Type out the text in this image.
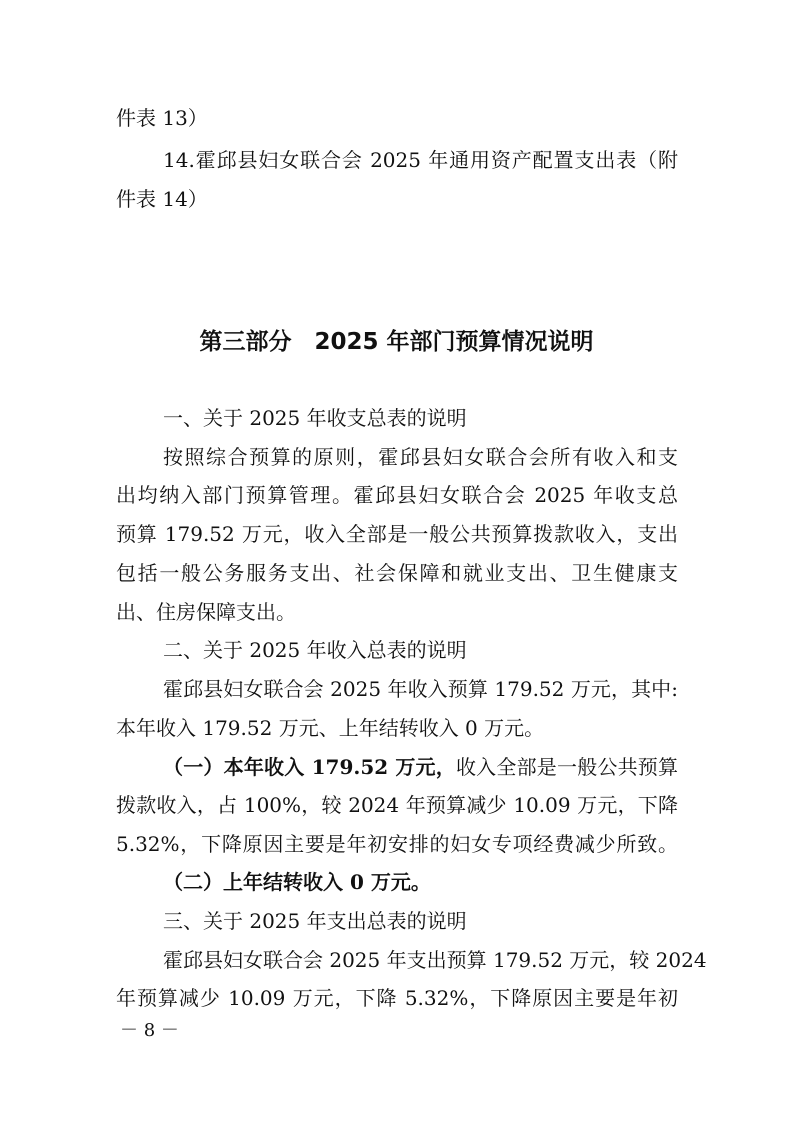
件表 13）

14.霍邱县妇女联合会 2025 年通用资产配置支出表（附

件表 14）

第三部分　2025 年部门预算情况说明

一、关于 2025 年收支总表的说明

按照综合预算的原则，霍邱县妇女联合会所有收入和支

出均纳入部门预算管理。霍邱县妇女联合会 2025 年收支总

预算 179.52 万元，收入全部是一般公共预算拨款收入，支出

包括一般公务服务支出、社会保障和就业支出、卫生健康支

出、住房保障支出。

二、关于 2025 年收入总表的说明

霍邱县妇女联合会 2025 年收入预算 179.52 万元，其中:

本年收入 179.52 万元、上年结转收入 0 万元。

（一）本年收入 179.52 万元，收入全部是一般公共预算

拨款收入，占 100%，较 2024 年预算减少 10.09 万元，下降

5.32%，下降原因主要是年初安排的妇女专项经费减少所致。

（二）上年结转收入 0 万元。

三、关于 2025 年支出总表的说明

霍邱县妇女联合会 2025 年支出预算 179.52 万元，较 2024

年预算减少 10.09 万元，下降 5.32%，下降原因主要是年初

－ 8 －
